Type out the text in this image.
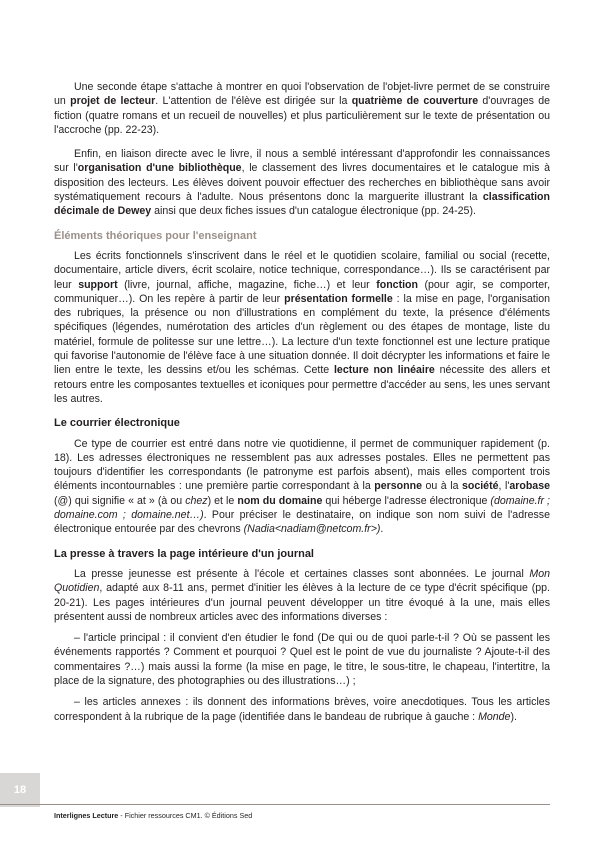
Une seconde étape s'attache à montrer en quoi l'observation de l'objet-livre permet de se construire un projet de lecteur. L'attention de l'élève est dirigée sur la quatrième de couverture d'ouvrages de fiction (quatre romans et un recueil de nouvelles) et plus particulièrement sur le texte de présentation ou l'accroche (pp. 22-23).

Enfin, en liaison directe avec le livre, il nous a semblé intéressant d'approfondir les connaissances sur l'organisation d'une bibliothèque, le classement des livres documentaires et le catalogue mis à disposition des lecteurs. Les élèves doivent pouvoir effectuer des recherches en bibliothèque sans avoir systématiquement recours à l'adulte. Nous présentons donc la marguerite illustrant la classification décimale de Dewey ainsi que deux fiches issues d'un catalogue électronique (pp. 24-25).

Éléments théoriques pour l'enseignant

Les écrits fonctionnels s'inscrivent dans le réel et le quotidien scolaire, familial ou social (recette, documentaire, article divers, écrit scolaire, notice technique, correspondance…). Ils se caractérisent par leur support (livre, journal, affiche, magazine, fiche…) et leur fonction (pour agir, se comporter, communiquer…). On les repère à partir de leur présentation formelle : la mise en page, l'organisation des rubriques, la présence ou non d'illustrations en complément du texte, la présence d'éléments spécifiques (légendes, numérotation des articles d'un règlement ou des étapes de montage, liste du matériel, formule de politesse sur une lettre…). La lecture d'un texte fonctionnel est une lecture pratique qui favorise l'autonomie de l'élève face à une situation donnée. Il doit décrypter les informations et faire le lien entre le texte, les dessins et/ou les schémas. Cette lecture non linéaire nécessite des allers et retours entre les composantes textuelles et iconiques pour permettre d'accéder au sens, les unes servant les autres.

Le courrier électronique

Ce type de courrier est entré dans notre vie quotidienne, il permet de communiquer rapidement (p. 18). Les adresses électroniques ne ressemblent pas aux adresses postales. Elles ne permettent pas toujours d'identifier les correspondants (le patronyme est parfois absent), mais elles comportent trois éléments incontournables : une première partie correspondant à la personne ou à la société, l'arobase (@) qui signifie « at » (à ou chez) et le nom du domaine qui héberge l'adresse électronique (domaine.fr ; domaine.com ; domaine.net…). Pour préciser le destinataire, on indique son nom suivi de l'adresse électronique entourée par des chevrons (Nadia<nadiam@netcom.fr>).

La presse à travers la page intérieure d'un journal

La presse jeunesse est présente à l'école et certaines classes sont abonnées. Le journal Mon Quotidien, adapté aux 8-11 ans, permet d'initier les élèves à la lecture de ce type d'écrit spécifique (pp. 20-21). Les pages intérieures d'un journal peuvent développer un titre évoqué à la une, mais elles présentent aussi de nombreux articles avec des informations diverses :

– l'article principal : il convient d'en étudier le fond (De qui ou de quoi parle-t-il ? Où se passent les événements rapportés ? Comment et pourquoi ? Quel est le point de vue du journaliste ? Ajoute-t-il des commentaires ?…) mais aussi la forme (la mise en page, le titre, le sous-titre, le chapeau, l'intertitre, la place de la signature, des photographies ou des illustrations…) ;

– les articles annexes : ils donnent des informations brèves, voire anecdotiques. Tous les articles correspondent à la rubrique de la page (identifiée dans le bandeau de rubrique à gauche : Monde).

18
Interlignes Lecture - Fichier ressources CM1. © Éditions Sed
